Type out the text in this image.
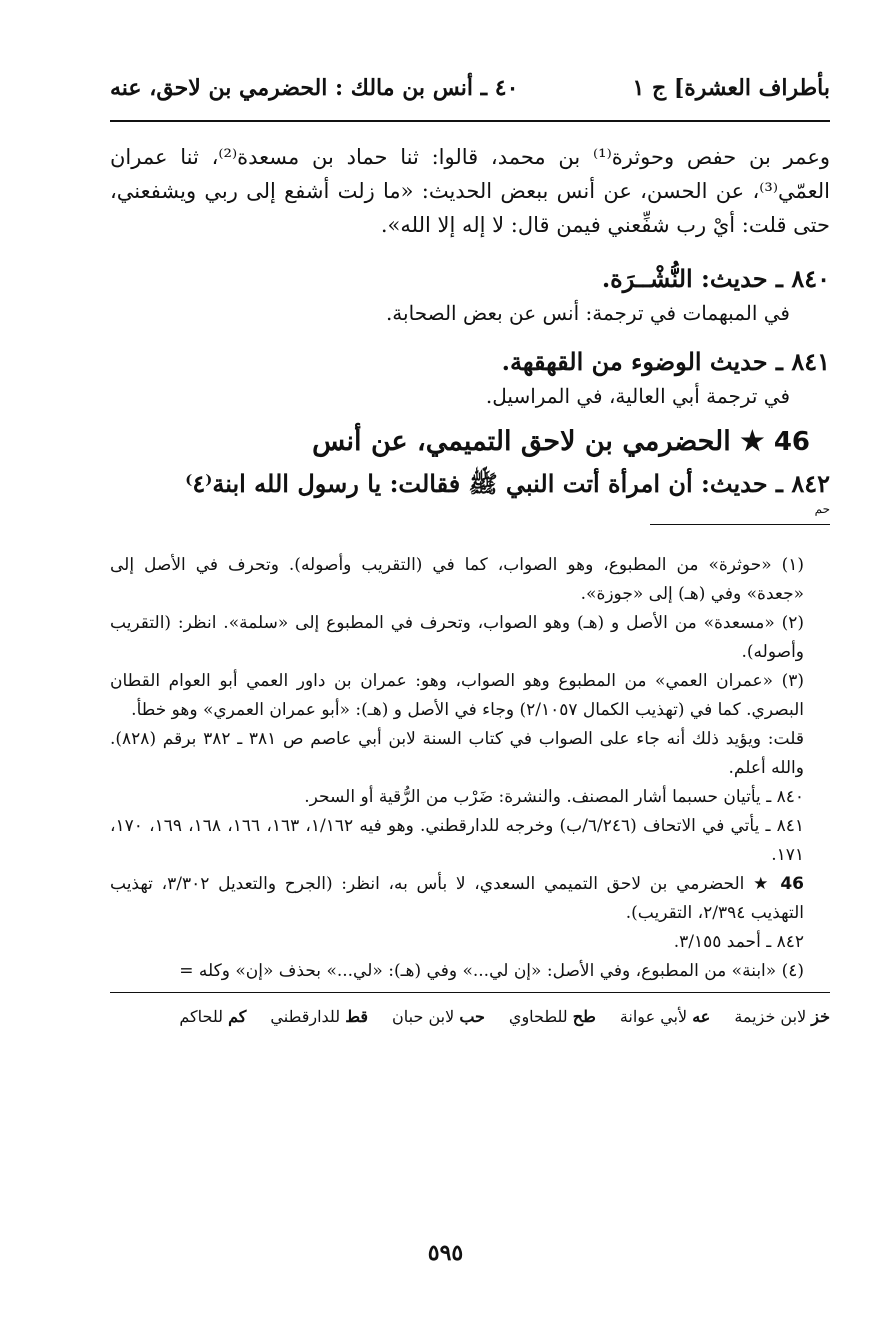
بأطراف العشرة] ج ١
٤٠ ـ أنس بن مالك : الحضرمي بن لاحق، عنه
وعمر بن حفص وحوثرة⁽¹⁾ بن محمد، قالوا: ثنا حماد بن مسعدة⁽²⁾، ثنا عمران العمّي⁽³⁾، عن الحسن، عن أنس ببعض الحديث: «ما زلت أشفع إلى ربي ويشفعني، حتى قلت: أيْ رب شفِّعني فيمن قال: لا إله إلا الله».
٨٤٠ ـ حديث: النُّشْــرَة.
في المبهمات في ترجمة: أنس عن بعض الصحابة.
٨٤١ ـ حديث الوضوء من القهقهة.
في ترجمة أبي العالية، في المراسيل.
46 ★ الحضرمي بن لاحق التميمي، عن أنس
٨٤٢ ـ حديث: أن امرأة أتت النبي ﷺ فقالت: يا رسول الله ابنة⁽٤⁾
حم
(١) «حوثرة» من المطبوع، وهو الصواب، كما في (التقريب وأصوله). وتحرف في الأصل إلى «جعدة» وفي (هـ) إلى «جوزة».
(٢) «مسعدة» من الأصل و (هـ) وهو الصواب، وتحرف في المطبوع إلى «سلمة». انظر: (التقريب وأصوله).
(٣) «عمران العمي» من المطبوع وهو الصواب، وهو: عمران بن داور العمي أبو العوام القطان البصري. كما في (تهذيب الكمال ٢/١٠٥٧) وجاء في الأصل و (هـ): «أبو عمران العمري» وهو خطأ.
قلت: ويؤيد ذلك أنه جاء على الصواب في كتاب السنة لابن أبي عاصم ص ٣٨١ ـ ٣٨٢ برقم (٨٢٨). والله أعلم.
٨٤٠ ـ يأتيان حسبما أشار المصنف. والنشرة: ضَرْب من الرُّقية أو السحر.
٨٤١ ـ يأتي في الاتحاف (٦/٢٤٦/ب) وخرجه للدارقطني. وهو فيه ١/١٦٢، ١٦٣، ١٦٦، ١٦٨، ١٦٩، ١٧٠، ١٧١.
46 ★ الحضرمي بن لاحق التميمي السعدي، لا بأس به، انظر: (الجرح والتعديل ٣/٣٠٢، تهذيب التهذيب ٢/٣٩٤، التقريب).
٨٤٢ ـ أحمد ٣/١٥٥.
(٤) «ابنة» من المطبوع، وفي الأصل: «إن لي...» وفي (هـ): «لي...» بحذف «إن» وكله =
خز لابن خزيمة
عه لأبي عوانة
طح للطحاوي
حب لابن حبان
قط للدارقطني
كم للحاكم
٥٩٥
